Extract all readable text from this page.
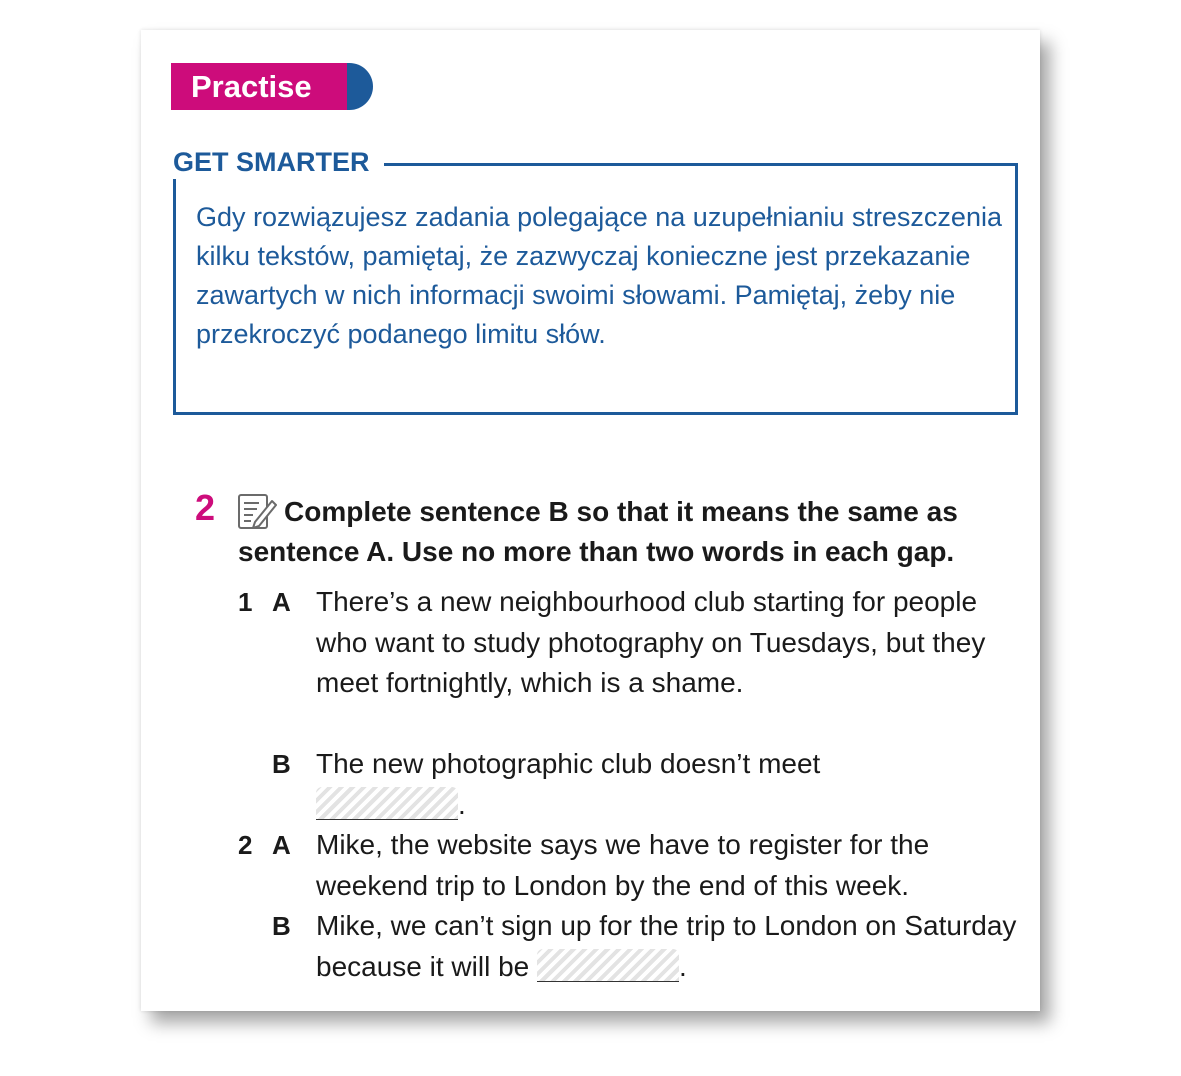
Practise
GET SMARTER

Gdy rozwiązujesz zadania polegające na uzupełnianiu streszczenia kilku tekstów, pamiętaj, że zazwyczaj konieczne jest przekazanie zawartych w nich informacji swoimi słowami. Pamiętaj, żeby nie przekroczyć podanego limitu słów.

2	Complete sentence B so that it means the same as sentence A. Use no more than two words in each gap.

1 A There’s a new neighbourhood club starting for people who want to study photography on Tuesdays, but they meet fortnightly, which is a shame.

B The new photographic club doesn’t meet
.

2 A Mike, the website says we have to register for the weekend trip to London by the end of this week.

B Mike, we can’t sign up for the trip to London on Saturday because it will be	.
